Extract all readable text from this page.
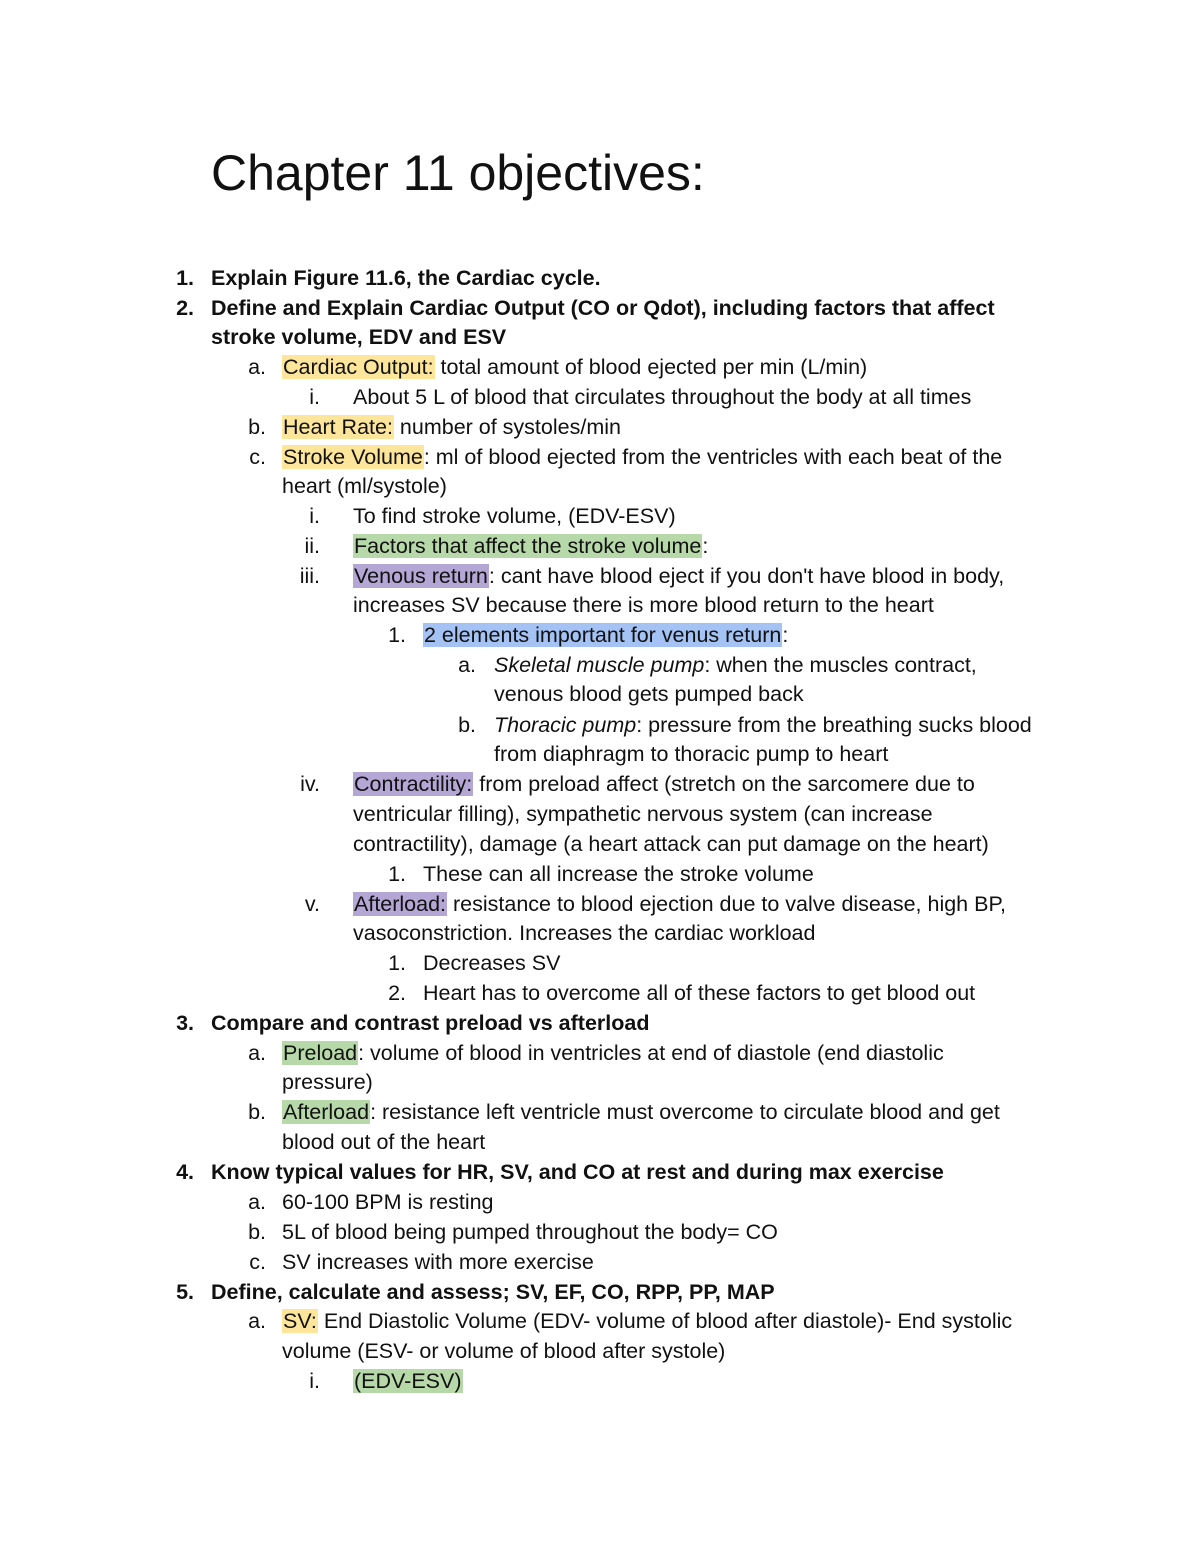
Chapter 11 objectives:
1. Explain Figure 11.6, the Cardiac cycle.
2. Define and Explain Cardiac Output (CO or Qdot), including factors that affect
stroke volume, EDV and ESV
a. Cardiac Output: total amount of blood ejected per min (L/min)
i. About 5 L of blood that circulates throughout the body at all times
b. Heart Rate: number of systoles/min
c. Stroke Volume: ml of blood ejected from the ventricles with each beat of the
heart (ml/systole)
i. To find stroke volume, (EDV-ESV)
ii. Factors that affect the stroke volume:
iii. Venous return: cant have blood eject if you don't have blood in body,
increases SV because there is more blood return to the heart
1. 2 elements important for venus return:
a. Skeletal muscle pump: when the muscles contract,
venous blood gets pumped back
b. Thoracic pump: pressure from the breathing sucks blood
from diaphragm to thoracic pump to heart
iv. Contractility: from preload affect (stretch on the sarcomere due to
ventricular filling), sympathetic nervous system (can increase
contractility), damage (a heart attack can put damage on the heart)
1. These can all increase the stroke volume
v. Afterload: resistance to blood ejection due to valve disease, high BP,
vasoconstriction. Increases the cardiac workload
1. Decreases SV
2. Heart has to overcome all of these factors to get blood out
3. Compare and contrast preload vs afterload
a. Preload: volume of blood in ventricles at end of diastole (end diastolic
pressure)
b. Afterload: resistance left ventricle must overcome to circulate blood and get
blood out of the heart
4. Know typical values for HR, SV, and CO at rest and during max exercise
a. 60-100 BPM is resting
b. 5L of blood being pumped throughout the body= CO
c. SV increases with more exercise
5. Define, calculate and assess; SV, EF, CO, RPP, PP, MAP
a. SV: End Diastolic Volume (EDV- volume of blood after diastole)- End systolic
volume (ESV- or volume of blood after systole)
i. (EDV-ESV)
